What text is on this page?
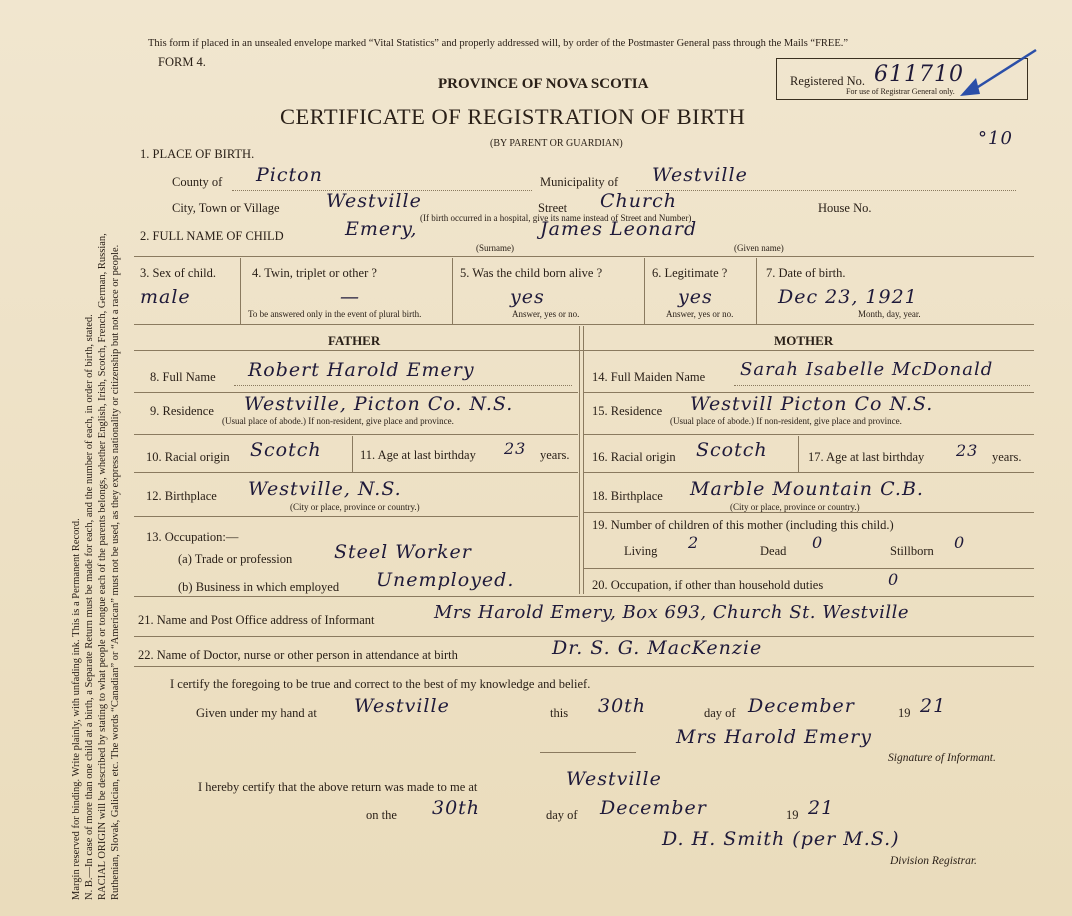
Margin reserved for binding. Write plainly, with unfading ink. This is a Permanent Record. N. B.—In case of more than one child at a birth, a Separate Return must be made for each, and the number of each, in order of birth, stated. RACIAL ORIGIN will be described by stating to what people or tongue each of the parents belongs, whether English, Irish, Scotch, French, German, Russian, Ruthenian, Slovak, Galician, etc. The words “Canadian” or “American” must not be used, as they express nationality or citizenship but not a race or people.
This form if placed in an unsealed envelope marked “Vital Statistics” and properly addressed will, by order of the Postmaster General pass through the Mails “FREE.”
FORM 4.
PROVINCE OF NOVA SCOTIA
CERTIFICATE OF REGISTRATION OF BIRTH
(BY PARENT OR GUARDIAN)
Registered No. 611710
For use of Registrar General only.
°10
1. PLACE OF BIRTH.
County of Picton	Municipality of Westville
City, Town or Village Westville	Street Church	House No.
(If birth occurred in a hospital, give its name instead of Street and Number)
2. FULL NAME OF CHILD	Emery,
(Surname)
James Leonard
(Given name)
3. Sex of child.
male
4. Twin, triplet or other ?
—
To be answered only in the event of plural birth.
5. Was the child born alive ?
yes
Answer, yes or no.
6. Legitimate ?
yes
Answer, yes or no.
7. Date of birth.
Dec 23, 1921
Month, day, year.
FATHER	MOTHER
8. Full Name Robert Harold Emery
9. Residence Westville, Picton Co. N.S.
(Usual place of abode.) If non-resident, give place and province.
10. Racial origin Scotch	11. Age at last birthday 23 years.
12. Birthplace Westville, N.S.
(City or place, province or country.)
13. Occupation:—
(a) Trade or profession Steel Worker
(b) Business in which employed Unemployed.
14. Full Maiden Name Sarah Isabelle McDonald
15. Residence Westvill Picton Co N.S.
(Usual place of abode.) If non-resident, give place and province.
16. Racial origin Scotch	17. Age at last birthday 23 years.
18. Birthplace Marble Mountain C.B.
(City or place, province or country.)
19. Number of children of this mother (including this child.)
Living 2	Dead 0	Stillborn 0
20. Occupation, if other than household duties	0
21. Name and Post Office address of Informant	Mrs Harold Emery, Box 693, Church St. Westville
22. Name of Doctor, nurse or other person in attendance at birth	Dr. S. G. MacKenzie
I certify the foregoing to be true and correct to the best of my knowledge and belief.
Given under my hand at Westville	this 30th	day of December	19 21
Mrs Harold Emery
Signature of Informant.
I hereby certify that the above return was made to me at	Westville
on the 30th	day of December	19 21
D. H. Smith (per M.S.)
Division Registrar.
